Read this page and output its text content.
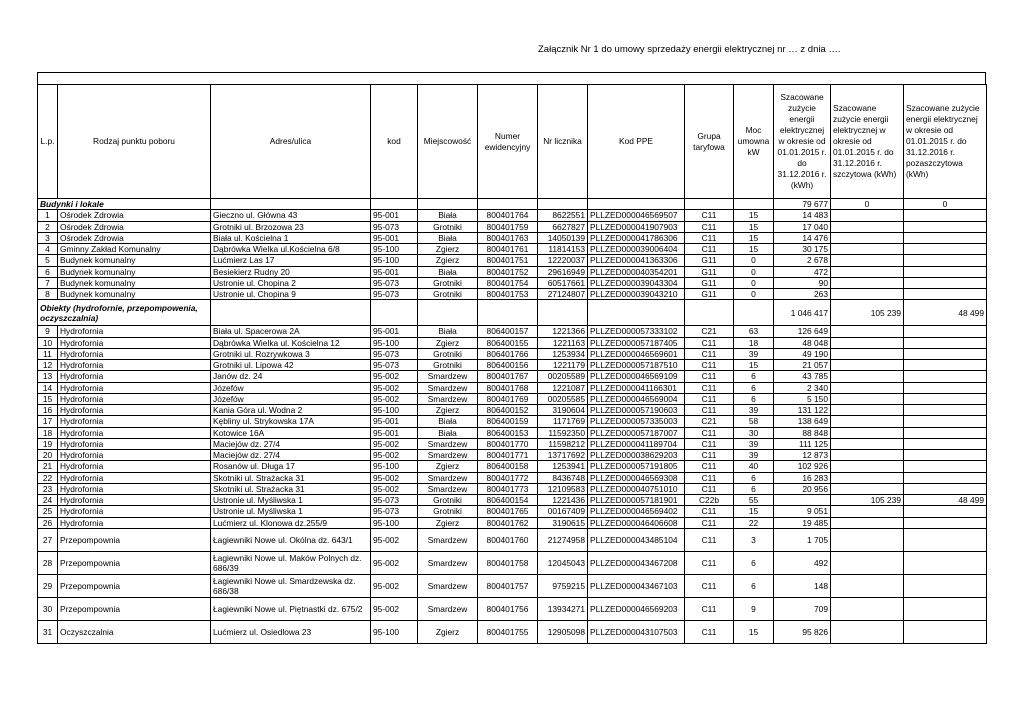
Załącznik Nr 1 do umowy sprzedaży energii elektrycznej nr … z dnia ….
L.p.	Rodzaj punktu poboru	Adres/ulica	kod	Miejscowość	Numer ewidencyjny	Nr licznika	Kod PPE	Grupa taryfowa	Moc umowna kW	Szacowane zużycie energii elektrycznej w okresie od 01.01.2015 r. do 31.12.2016 r. (kWh)	Szacowane zużycie energii elektrycznej w okresie od 01.01.2015 r. do 31.12.2016 r. szczytowa (kWh)	Szacowane zużycie energii elektrycznej w okresie od 01.01.2015 r. do 31.12.2016 r. pozaszczytowa (kWh)
Budynki i lokale										79 677	0	0
1	Ośrodek Zdrowia	Gieczno ul. Główna 43	95-001	Biała	800401764	8622551	PLLZED000046569507	C11	15	14 483		
2	Ośrodek Zdrowia	Grotniki ul. Brzozowa 23	95-073	Grotniki	800401759	6627827	PLLZED000041907903	C11	15	17 040		
3	Ośrodek Zdrowia	Biała ul. Kościelna 1	95-001	Biała	800401763	14050139	PLLZED000041786306	C11	15	14 476		
4	Gminny Zakład Komunalny	Dąbrówka Wielka ul.Kościelna 6/8	95-100	Zgierz	800401761	11814153	PLLZED000039006404	C11	15	30 175		
5	Budynek komunalny	Lućmierz Las 17	95-100	Zgierz	800401751	12220037	PLLZED000041363306	G11	0	2 678		
6	Budynek komunalny	Besiekierz Rudny 20	95-001	Biała	800401752	29616949	PLLZED000040354201	G11	0	472		
7	Budynek komunalny	Ustronie ul. Chopina 2	95-073	Grotniki	800401754	60517661	PLLZED000039043304	G11	0	90		
8	Budynek komunalny	Ustronie ul. Chopina 9	95-073	Grotniki	800401753	27124807	PLLZED000039043210	G11	0	263		
Obiekty (hydrofornie, przepompowenia, oczyszczalnia)										1 046 417	105 239	48 499
9	Hydrofornia	Biała ul. Spacerowa 2A	95-001	Biała	806400157	1221366	PLLZED000057333102	C21	63	126 649		
10	Hydrofornia	Dąbrówka Wielka ul. Kościelna 12	95-100	Zgierz	806400155	1221163	PLLZED000057187405	C11	18	48 048		
11	Hydrofornia	Grotniki ul. Rozrywkowa 3	95-073	Grotniki	806401766	1253934	PLLZED000046569601	C11	39	49 190		
12	Hydrofornia	Grotniki ul. Lipowa 42	95-073	Grotniki	806400156	1221179	PLLZED000057187510	C11	15	21 057		
13	Hydrofornia	Janów dz. 24	95-002	Smardzew	800401767	00205589	PLLZED000046569109	C11	6	43 785		
14	Hydrofornia	Józefów	95-002	Smardzew	800401768	1221087	PLLZED000041166301	C11	6	2 340		
15	Hydrofornia	Józefów	95-002	Smardzew	800401769	00205585	PLLZED000046569004	C11	6	5 150		
16	Hydrofornia	Kania Góra ul. Wodna 2	95-100	Zgierz	806400152	3190604	PLLZED000057190603	C11	39	131 122		
17	Hydrofornia	Kębliny ul. Strykowska 17A	95-001	Biała	806400159	1171769	PLLZED000057335003	C21	58	138 649		
18	Hydrofornia	Kotowice 16A	95-001	Biała	806400153	11592350	PLLZED000057187007	C11	30	88 848		
19	Hydrofornia	Maciejów dz. 27/4	95-002	Smardzew	800401770	11598212	PLLZED000041189704	C11	39	111 125		
20	Hydrofornia	Maciejów dz. 27/4	95-002	Smardzew	800401771	13717692	PLLZED000038629203	C11	39	12 873		
21	Hydrofornia	Rosanów ul. Długa 17	95-100	Zgierz	806400158	1253941	PLLZED000057191805	C11	40	102 926		
22	Hydrofornia	Skotniki ul. Strażacka 31	95-002	Smardzew	800401772	8436748	PLLZED000046569308	C11	6	16 283		
23	Hydrofornia	Skotniki ul. Strażacka 31	95-002	Smardzew	800401773	12109583	PLLZED000040751010	C11	6	20 956		
24	Hydrofornia	Ustronie ul. Myśliwska 1	95-073	Grotniki	806400154	1221436	PLLZED000057181901	C22b	55		105 239	48 499
25	Hydrofornia	Ustronie ul. Myśliwska 1	95-073	Grotniki	800401765	00167409	PLLZED000046569402	C11	15	9 051		
26	Hydrofornia	Lućmierz ul. Klonowa dz.255/9	95-100	Zgierz	800401762	3190615	PLLZED000046406608	C11	22	19 485		
27	Przepompownia	Łagiewniki Nowe ul. Okólna dz. 643/1	95-002	Smardzew	800401760	21274958	PLLZED000043485104	C11	3	1 705		
28	Przepompownia	Łagiewniki Nowe ul. Maków Polnych dz. 686/39	95-002	Smardzew	800401758	12045043	PLLZED000043467208	C11	6	492		
29	Przepompownia	Łagiewniki Nowe ul. Smardzewska dz. 686/38	95-002	Smardzew	800401757	9759215	PLLZED000043467103	C11	6	148		
30	Przepompownia	Łagiewniki Nowe ul. Piętnastki dz. 675/2	95-002	Smardzew	800401756	13934271	PLLZED000046569203	C11	9	709		
31	Oczyszczalnia	Lućmierz ul. Osiedlowa 23	95-100	Zgierz	800401755	12905098	PLLZED000043107503	C11	15	95 826		
